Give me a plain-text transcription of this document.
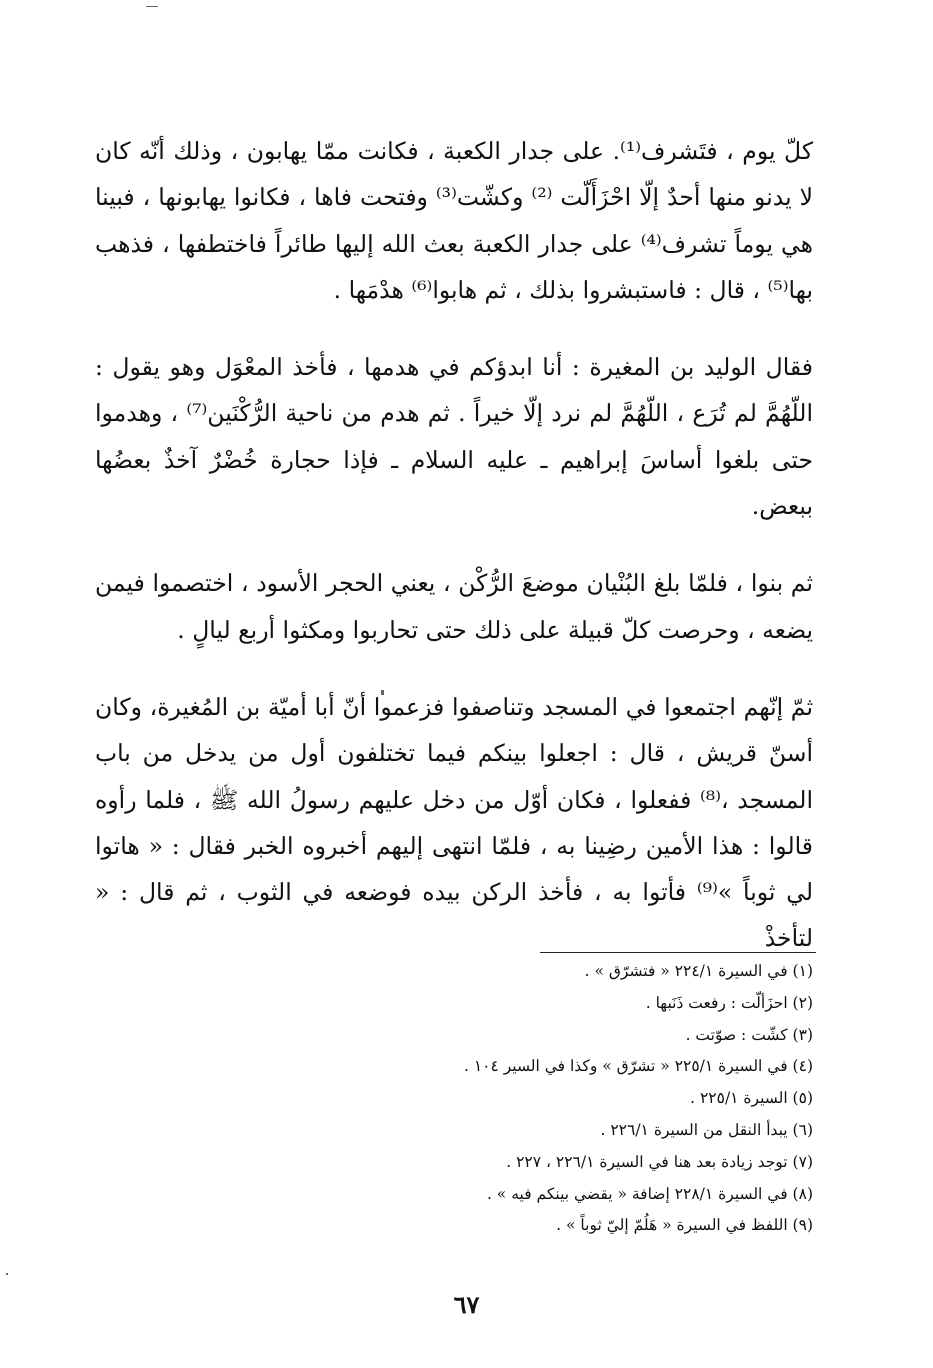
كلّ يوم ، فتَشرف⁽¹⁾. على جدار الكعبة ، فكانت ممّا يهابون ، وذلك أنّه كان لا يدنو منها أحدٌ إلّا احْزَأَلّت ⁽²⁾ وكشّت⁽³⁾ وفتحت فاها ، فكانوا يهابونها ، فبينا هي يوماً تشرف⁽⁴⁾ على جدار الكعبة بعث الله إليها طائراً فاختطفها ، فذهب بها⁽⁵⁾ ، قال : فاستبشروا بذلك ، ثم هابوا⁽⁶⁾ هدْمَها .

فقال الوليد بن المغيرة : أنا ابدؤكم في هدمها ، فأخذ المعْوَل وهو يقول : اللّهُمَّ لم تُرَع ، اللّهُمَّ لم نرد إلّا خيراً . ثم هدم من ناحية الرُّكْنَين⁽⁷⁾ ، وهدموا حتى بلغوا أساسَ إبراهيم ـ عليه السلام ـ فإذا حجارة خُضْرٌ آخذٌ بعضُها ببعض.

ثم بنوا ، فلمّا بلغ البُنْيان موضعَ الرُّكْن ، يعني الحجر الأسود ، اختصموا فيمن يضعه ، وحرصت كلّ قبيلة على ذلك حتى تحاربوا ومكثوا أربع ليالٍ .

ثمّ إنّهم اجتمعوا في المسجد وتناصفوا فزعموا أنّ أبا أميّة بن المُغيرة، وكان أسنّ قريش ، قال : اجعلوا بينكم فيما تختلفون أول من يدخل من باب المسجد ،⁽⁸⁾ ففعلوا ، فكان أوّل من دخل عليهم رسولُ الله ﷺ ، فلما رأوه قالوا : هذا الأمين رضِينا به ، فلمّا انتهى إليهم أخبروه الخبر فقال : « هاتوا لي ثوباً »⁽⁹⁾ فأتوا به ، فأخذ الركن بيده فوضعه في الثوب ، ثم قال : « لتأخذْ

(١) في السيرة ٢٢٤/١ « فتشرّق » .
(٢) احزَألّت : رفعت ذَنَبها .
(٣) كشّت : صوّتت .
(٤) في السيرة ٢٢٥/١ « تشرّق » وكذا في السير ١٠٤ .
(٥) السيرة ٢٢٥/١ .
(٦) يبدأ النقل من السيرة ٢٢٦/١ .
(٧) توجد زيادة بعد هنا في السيرة ٢٢٦/١ ، ٢٢٧ .
(٨) في السيرة ٢٢٨/١ إضافة « يقضي بينكم فيه » .
(٩) اللفظ في السيرة « هَلُمّ إليّ ثوباً » .
٦٧
